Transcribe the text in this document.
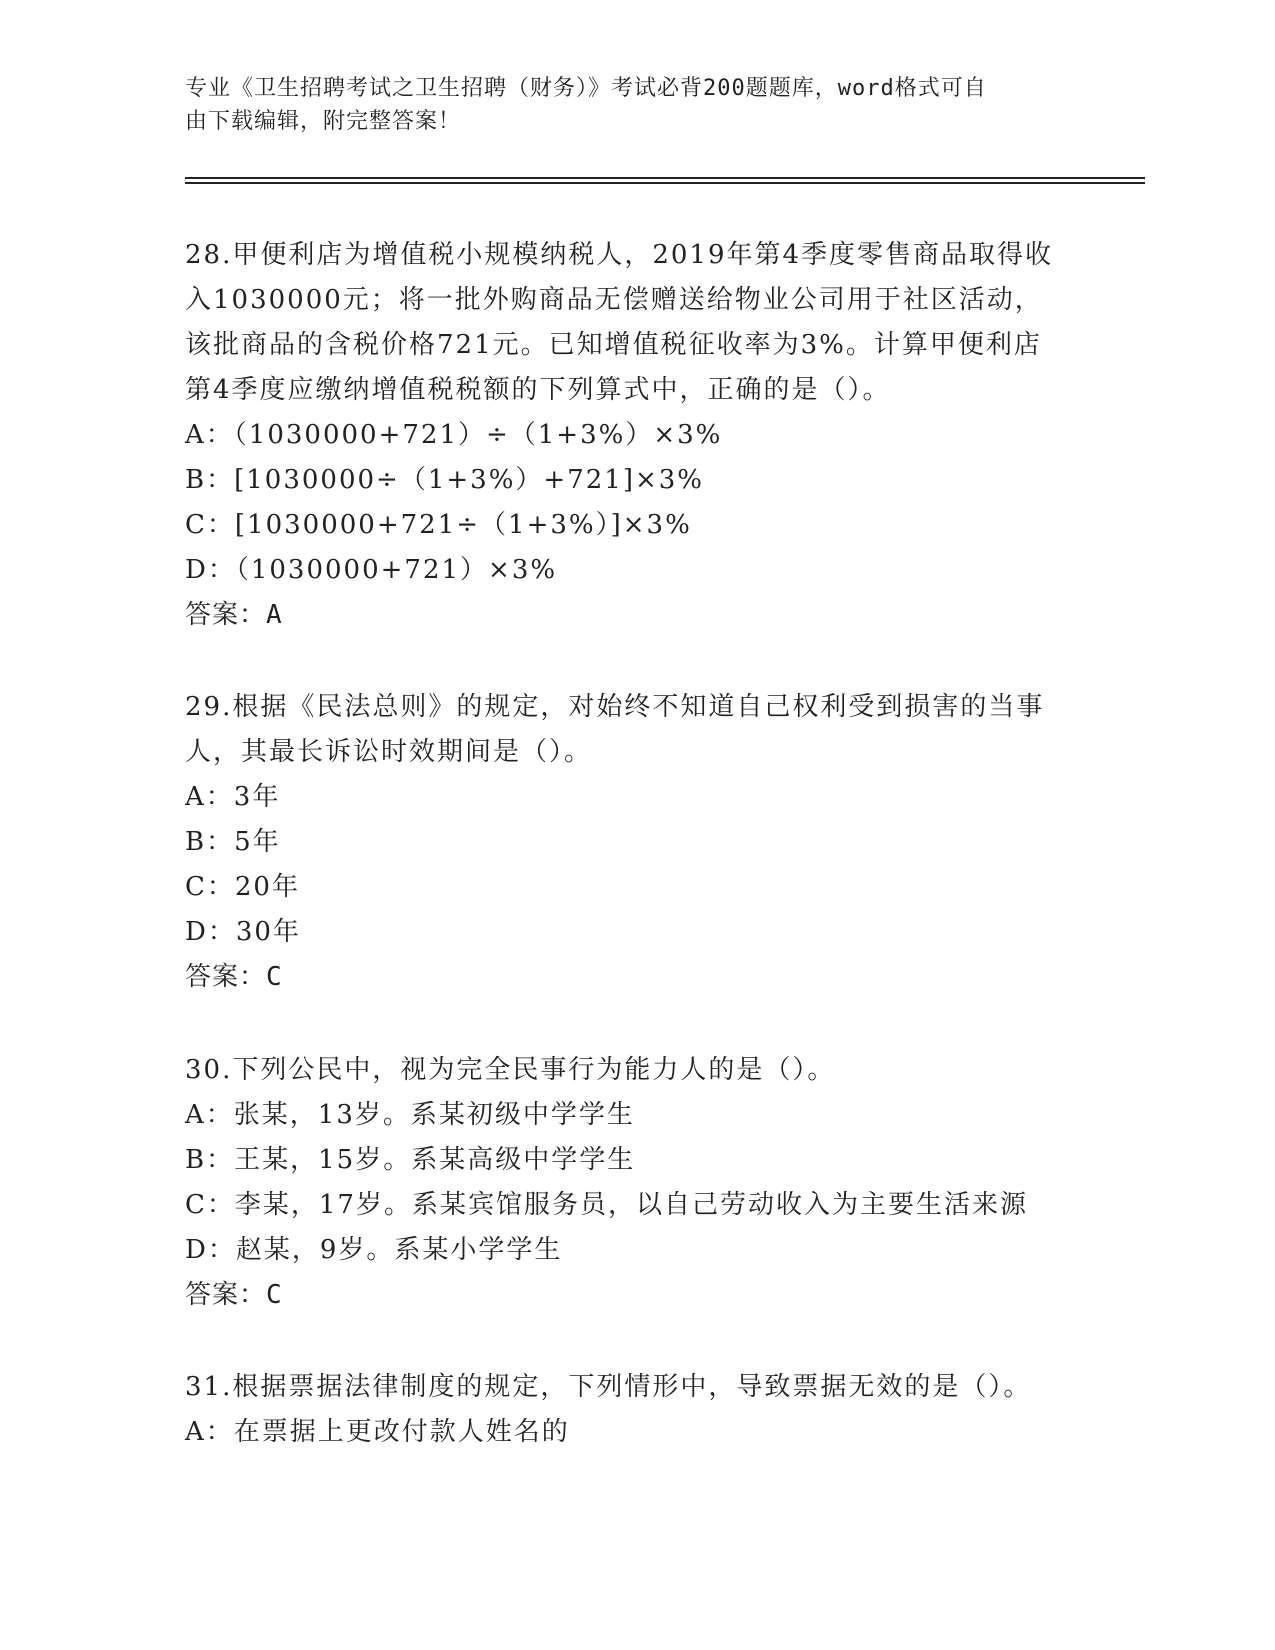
专业《卫生招聘考试之卫生招聘（财务）》考试必背200题题库，word格式可自
由下载编辑，附完整答案！
28.甲便利店为增值税小规模纳税人，2019年第4季度零售商品取得收
入1030000元；将一批外购商品无偿赠送给物业公司用于社区活动，
该批商品的含税价格721元。已知增值税征收率为3%。计算甲便利店
第4季度应缴纳增值税税额的下列算式中，正确的是（）。
A：（1030000+721）÷（1+3%）×3%
B：[1030000÷（1+3%）+721]×3%
C：[1030000+721÷（1+3%）]×3%
D：（1030000+721）×3%
答案：A
29.根据《民法总则》的规定，对始终不知道自己权利受到损害的当事
人，其最长诉讼时效期间是（）。
A：3年
B：5年
C：20年
D：30年
答案：C
30.下列公民中，视为完全民事行为能力人的是（）。
A：张某，13岁。系某初级中学学生
B：王某，15岁。系某高级中学学生
C：李某，17岁。系某宾馆服务员，以自己劳动收入为主要生活来源
D：赵某，9岁。系某小学学生
答案：C
31.根据票据法律制度的规定，下列情形中，导致票据无效的是（）。
A：在票据上更改付款人姓名的
